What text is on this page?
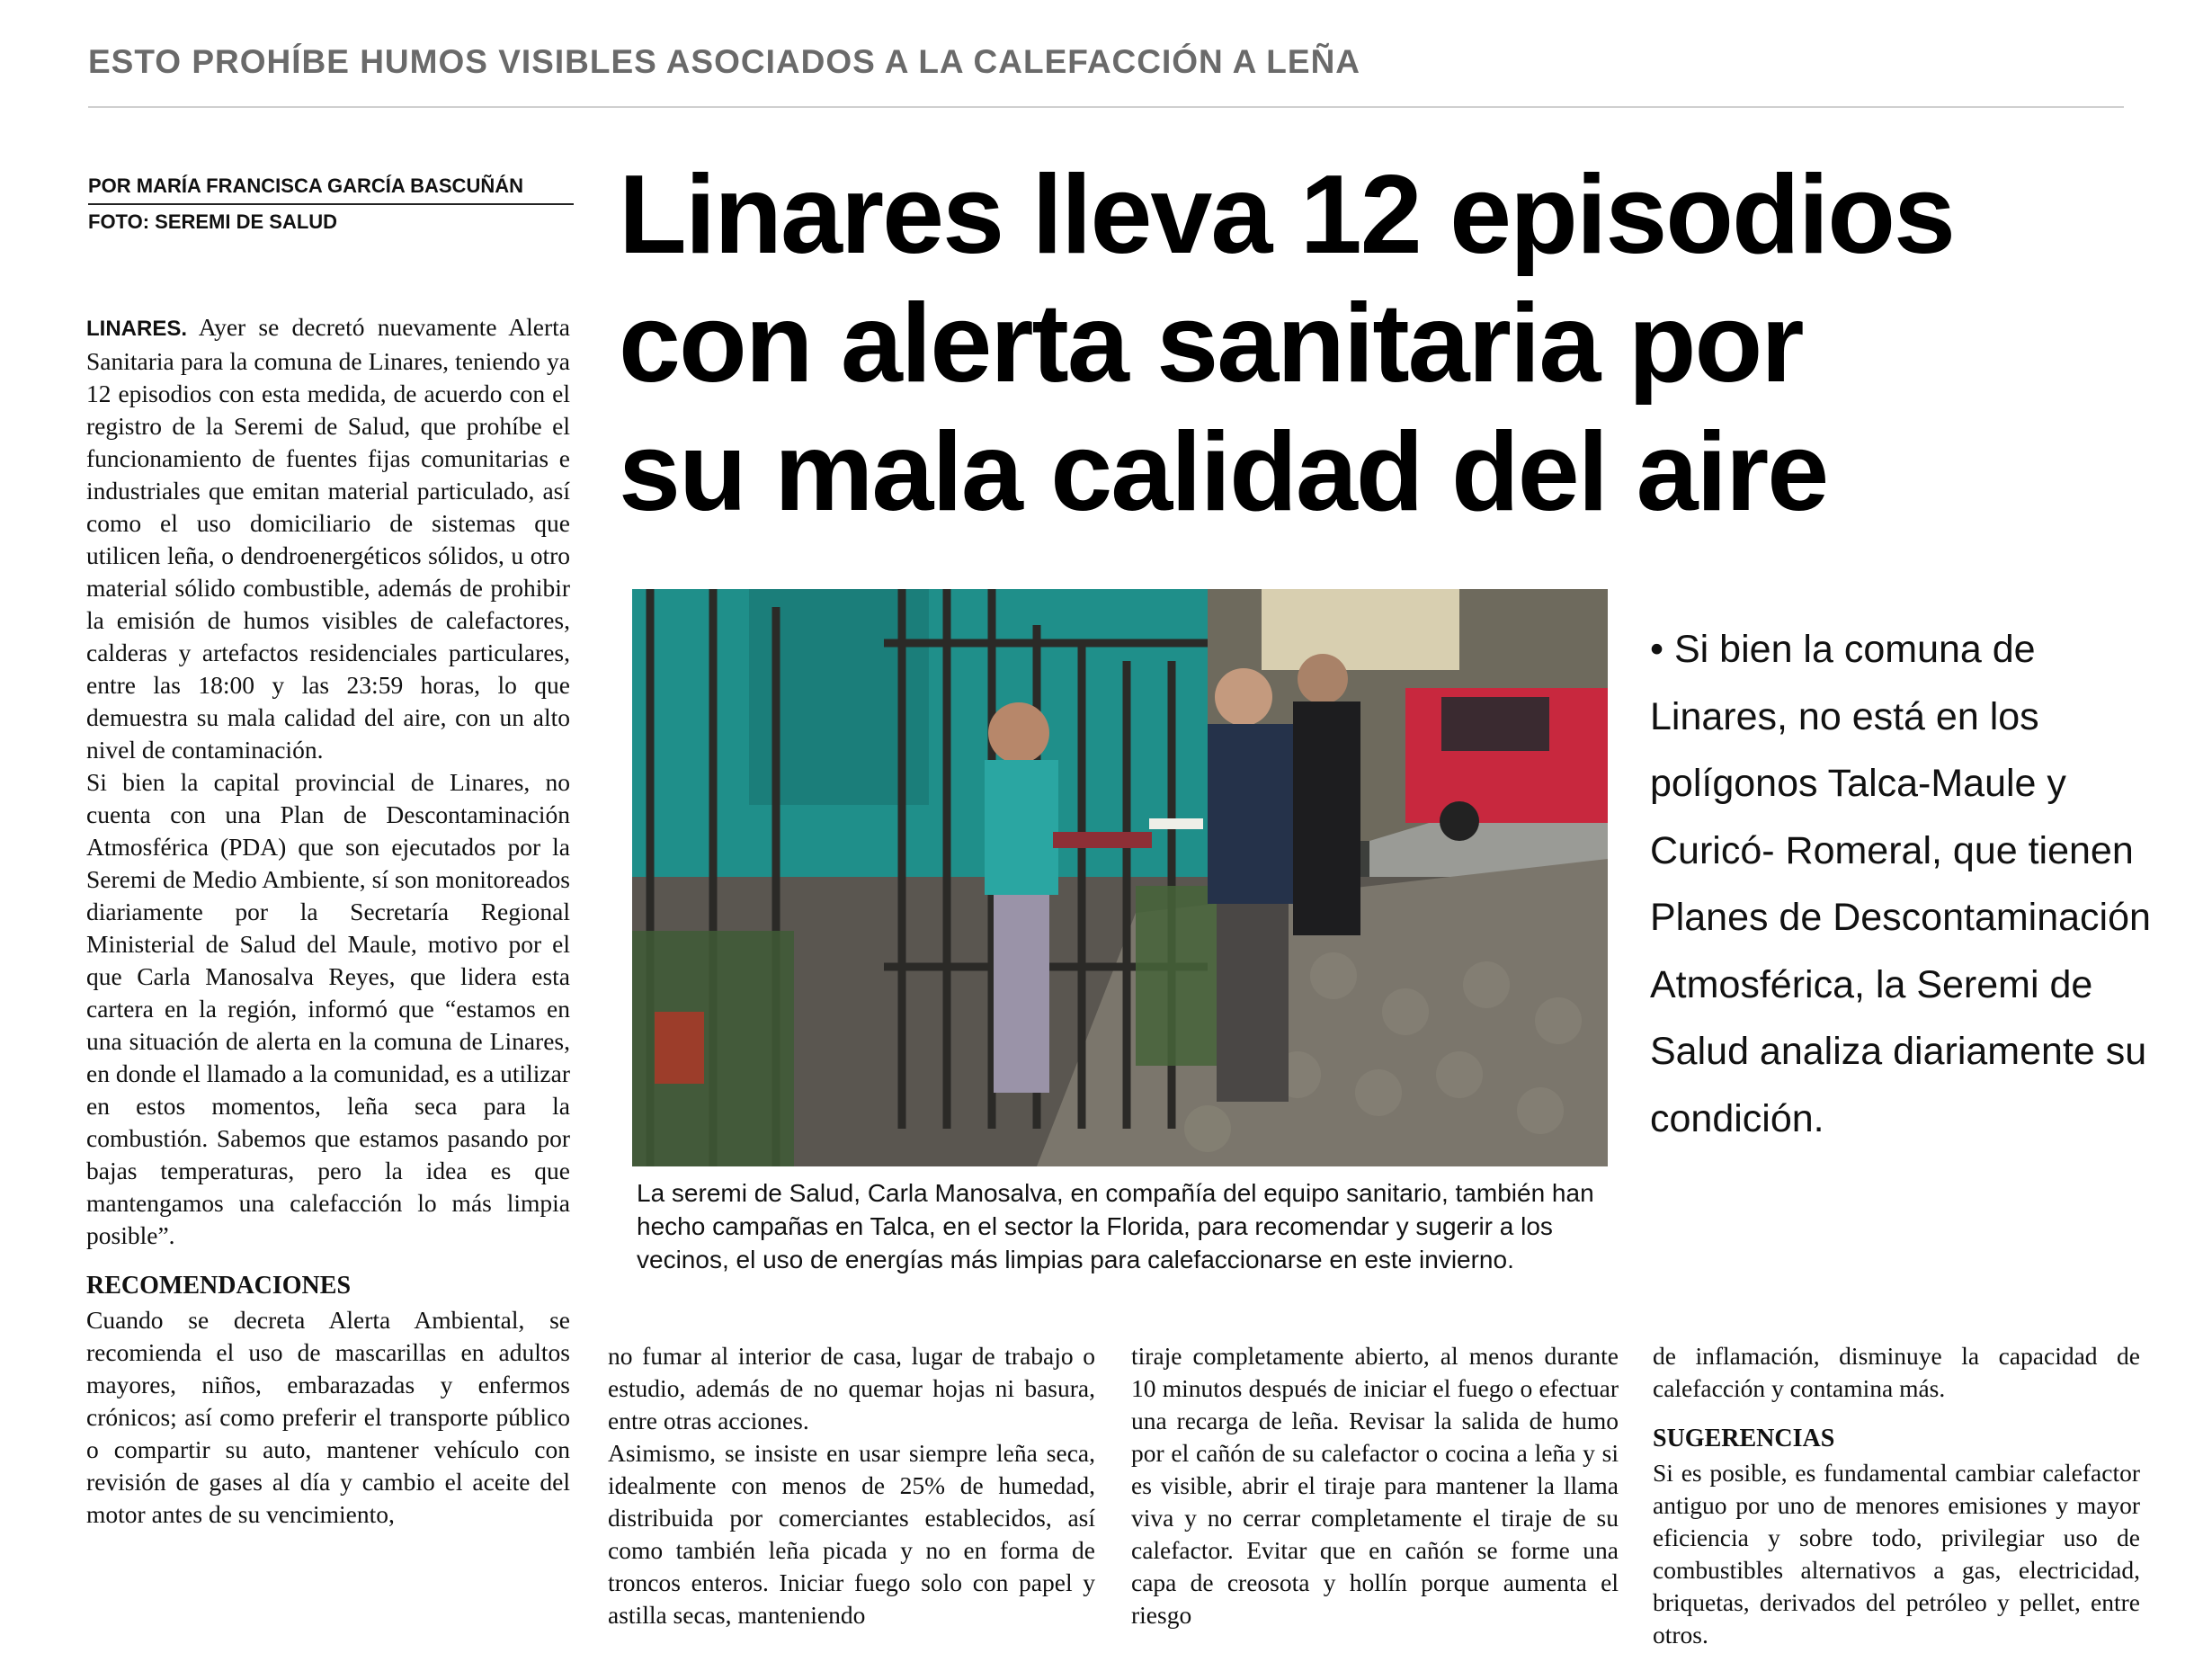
ESTO PROHÍBE HUMOS VISIBLES ASOCIADOS A LA CALEFACCIÓN A LEÑA
POR MARÍA FRANCISCA GARCÍA BASCUÑÁN
FOTO: SEREMI DE SALUD	Linares lleva 12 episodios
con alerta sanitaria por
su mala calidad del aire

LINARES. Ayer se decretó nuevamente Alerta Sanitaria para la comuna de Linares, teniendo ya 12 episodios con esta medida, de acuerdo con el registro de la Seremi de Salud, que prohíbe el funcionamiento de fuentes fijas comunitarias e industriales que emitan material particulado, así como el uso domiciliario de sistemas que utilicen leña, o dendroenergéticos sólidos, u otro material sólido combustible, además de prohibir la emisión de humos visibles de calefactores, calderas y artefactos residenciales particulares, entre las 18:00 y las 23:59 horas, lo que demuestra su mala calidad del aire, con un alto nivel de contaminación.

Si bien la capital provincial de Linares, no cuenta con una Plan de Descontaminación Atmosférica (PDA) que son ejecutados por la Seremi de Medio Ambiente, sí son monitoreados diariamente por la Secretaría Regional Ministerial de Salud del Maule, motivo por el que Carla Manosalva Reyes, que lidera esta cartera en la región, informó que “estamos en una situación de alerta en la comuna de Linares, en donde el llamado a la comunidad, es a utilizar en estos momentos, leña seca para la combustión. Sabemos que estamos pasando por bajas temperaturas, pero la idea es que mantengamos una calefacción lo más limpia posible”.

RECOMENDACIONES

Cuando se decreta Alerta Ambiental, se recomienda el uso de mascarillas en adultos mayores, niños, embarazadas y enfermos crónicos; así como preferir el transporte público o compartir su auto, mantener vehículo con revisión de gases al día y cambio el aceite del motor antes de su vencimiento,

La seremi de Salud, Carla Manosalva, en compañía del equipo sanitario, también han hecho campañas en Talca, en el sector la Florida, para recomendar y sugerir a los vecinos, el uso de energías más limpias para calefaccionarse en este invierno.
• Si bien la comuna de Linares, no está en los polígonos Talca-Maule y Curicó- Romeral, que tienen Planes de Descontaminación Atmosférica, la Seremi de Salud analiza diariamente su condición.

no fumar al interior de casa, lugar de trabajo o estudio, además de no quemar hojas ni basura, entre otras acciones.

Asimismo, se insiste en usar siempre leña seca, idealmente con menos de 25% de humedad, distribuida por comerciantes establecidos, así como también leña picada y no en forma de troncos enteros. Iniciar fuego solo con papel y astilla secas, manteniendo

tiraje completamente abierto, al menos durante 10 minutos después de iniciar el fuego o efectuar una recarga de leña. Revisar la salida de humo por el cañón de su calefactor o cocina a leña y si es visible, abrir el tiraje para mantener la llama viva y no cerrar completamente el tiraje de su calefactor. Evitar que en cañón se forme una capa de creosota y hollín porque aumenta el riesgo

de inflamación, disminuye la capacidad de calefacción y contamina más.

SUGERENCIAS

Si es posible, es fundamental cambiar calefactor antiguo por uno de menores emisiones y mayor eficiencia y sobre todo, privilegiar uso de combustibles alternativos a gas, electricidad, briquetas, derivados del petróleo y pellet, entre otros.
